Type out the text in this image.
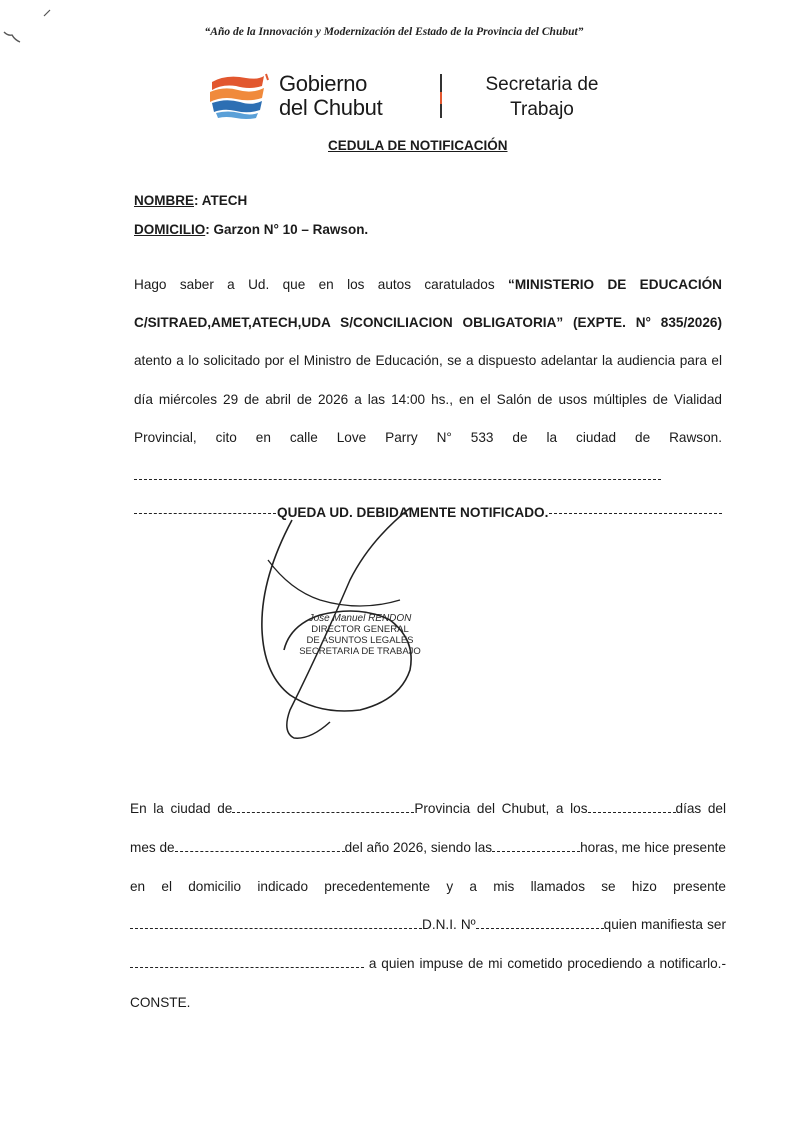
“Año de la Innovación y Modernización del Estado de la Provincia del Chubut”
Gobierno
del Chubut
Secretaria de
Trabajo
CEDULA DE NOTIFICACIÓN
NOMBRE: ATECH
DOMICILIO: Garzon N° 10 – Rawson.
Hago saber a Ud. que en los autos caratulados “MINISTERIO DE EDUCACIÓN C/SITRAED,AMET,ATECH,UDA S/CONCILIACION OBLIGATORIA” (EXPTE. N° 835/2026) atento a lo solicitado por el Ministro de Educación, se a dispuesto adelantar la audiencia para el día miércoles 29 de abril de 2026 a las 14:00 hs., en el Salón de usos múltiples de Vialidad Provincial, cito en calle Love Parry N° 533 de la ciudad de Rawson.
QUEDA UD. DEBIDAMENTE NOTIFICADO.
Jose Manuel RENDON
DIRECTOR GENERAL
DE ASUNTOS LEGALES
SECRETARIA DE TRABAJO
En la ciudad de	Provincia del Chubut, a los	días del mes de	del año 2026, siendo las	horas, me hice presente en el domicilio indicado precedentemente y a mis llamados se hizo presenteD.N.I. Nº	quien manifiesta ser a quien impuse de mi cometido procediendo a notificarlo.- CONSTE.
